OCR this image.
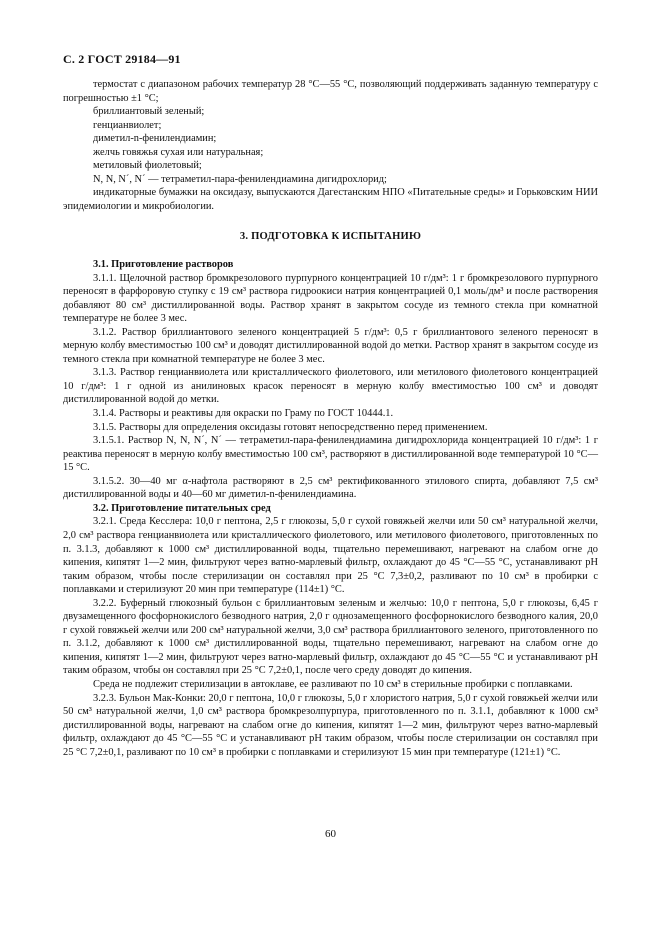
С. 2 ГОСТ 29184—91

термостат с диапазоном рабочих температур 28 °С—55 °С, позволяющий поддерживать заданную температуру с погрешностью ±1 °С;

бриллиантовый зеленый;

генцианвиолет;

диметил-n-фенилендиамин;

желчь говяжья сухая или натуральная;

метиловый фиолетовый;

N, N, N´, N´ — тетраметил-пара-фенилендиамина дигидрохлорид;

индикаторные бумажки на оксидазу, выпускаются Дагестанским НПО «Питательные среды» и Горьковским НИИ эпидемиологии и микробиологии.

3. ПОДГОТОВКА К ИСПЫТАНИЮ

3.1. Приготовление растворов

3.1.1. Щелочной раствор бромкрезолового пурпурного концентрацией 10 г/дм³: 1 г бромкрезолового пурпурного переносят в фарфоровую ступку с 19 см³ раствора гидроокиси натрия концентрацией 0,1 моль/дм³ и после растворения добавляют 80 см³ дистиллированной воды. Раствор хранят в закрытом сосуде из темного стекла при комнатной температуре не более 3 мес.

3.1.2. Раствор бриллиантового зеленого концентрацией 5 г/дм³: 0,5 г бриллиантового зеленого переносят в мерную колбу вместимостью 100 см³ и доводят дистиллированной водой до метки. Раствор хранят в закрытом сосуде из темного стекла при комнатной температуре не более 3 мес.

3.1.3. Раствор генцианвиолета или кристаллического фиолетового, или метилового фиолетового концентрацией 10 г/дм³: 1 г одной из анилиновых красок переносят в мерную колбу вместимостью 100 см³ и доводят дистиллированной водой до метки.

3.1.4. Растворы и реактивы для окраски по Граму по ГОСТ 10444.1.

3.1.5. Растворы для определения оксидазы готовят непосредственно перед применением.

3.1.5.1. Раствор N, N, N´, N´ — тетраметил-пара-фенилендиамина дигидрохлорида концентрацией 10 г/дм³: 1 г реактива переносят в мерную колбу вместимостью 100 см³, растворяют в дистиллированной воде температурой 10 °С—15 °С.

3.1.5.2. 30—40 мг α-нафтола растворяют в 2,5 см³ ректификованного этилового спирта, добавляют 7,5 см³ дистиллированной воды и 40—60 мг диметил-n-фенилендиамина.

3.2. Приготовление питательных сред

3.2.1. Среда Кесслера: 10,0 г пептона, 2,5 г глюкозы, 5,0 г сухой говяжьей желчи или 50 см³ натуральной желчи, 2,0 см³ раствора генцианвиолета или кристаллического фиолетового, или метилового фиолетового, приготовленных по п. 3.1.3, добавляют к 1000 см³ дистиллированной воды, тщательно перемешивают, нагревают на слабом огне до кипения, кипятят 1—2 мин, фильтруют через ватно-марлевый фильтр, охлаждают до 45 °С—55 °С, устанавливают pH таким образом, чтобы после стерилизации он составлял при 25 °С 7,3±0,2, разливают по 10 см³ в пробирки с поплавками и стерилизуют 20 мин при температуре (114±1) °С.

3.2.2. Буферный глюкозный бульон с бриллиантовым зеленым и желчью: 10,0 г пептона, 5,0 г глюкозы, 6,45 г двузамещенного фосфорнокислого безводного натрия, 2,0 г однозамещенного фосфорнокислого безводного калия, 20,0 г сухой говяжьей желчи или 200 см³ натуральной желчи, 3,0 см³ раствора бриллиантового зеленого, приготовленного по п. 3.1.2, добавляют к 1000 см³ дистиллированной воды, тщательно перемешивают, нагревают на слабом огне до кипения, кипятят 1—2 мин, фильтруют через ватно-марлевый фильтр, охлаждают до 45 °С—55 °С и устанавливают pH таким образом, чтобы он составлял при 25 °С 7,2±0,1, после чего среду доводят до кипения.

Среда не подлежит стерилизации в автоклаве, ее разливают по 10 см³ в стерильные пробирки с поплавками.

3.2.3. Бульон Мак-Конки: 20,0 г пептона, 10,0 г глюкозы, 5,0 г хлористого натрия, 5,0 г сухой говяжьей желчи или 50 см³ натуральной желчи, 1,0 см³ раствора бромкрезолпурпура, приготовленного по п. 3.1.1, добавляют к 1000 см³ дистиллированной воды, нагревают на слабом огне до кипения, кипятят 1—2 мин, фильтруют через ватно-марлевый фильтр, охлаждают до 45 °С—55 °С и устанавливают pH таким образом, чтобы после стерилизации он составлял при 25 °С 7,2±0,1, разливают по 10 см³ в пробирки с поплавками и стерилизуют 15 мин при температуре (121±1) °С.

60
